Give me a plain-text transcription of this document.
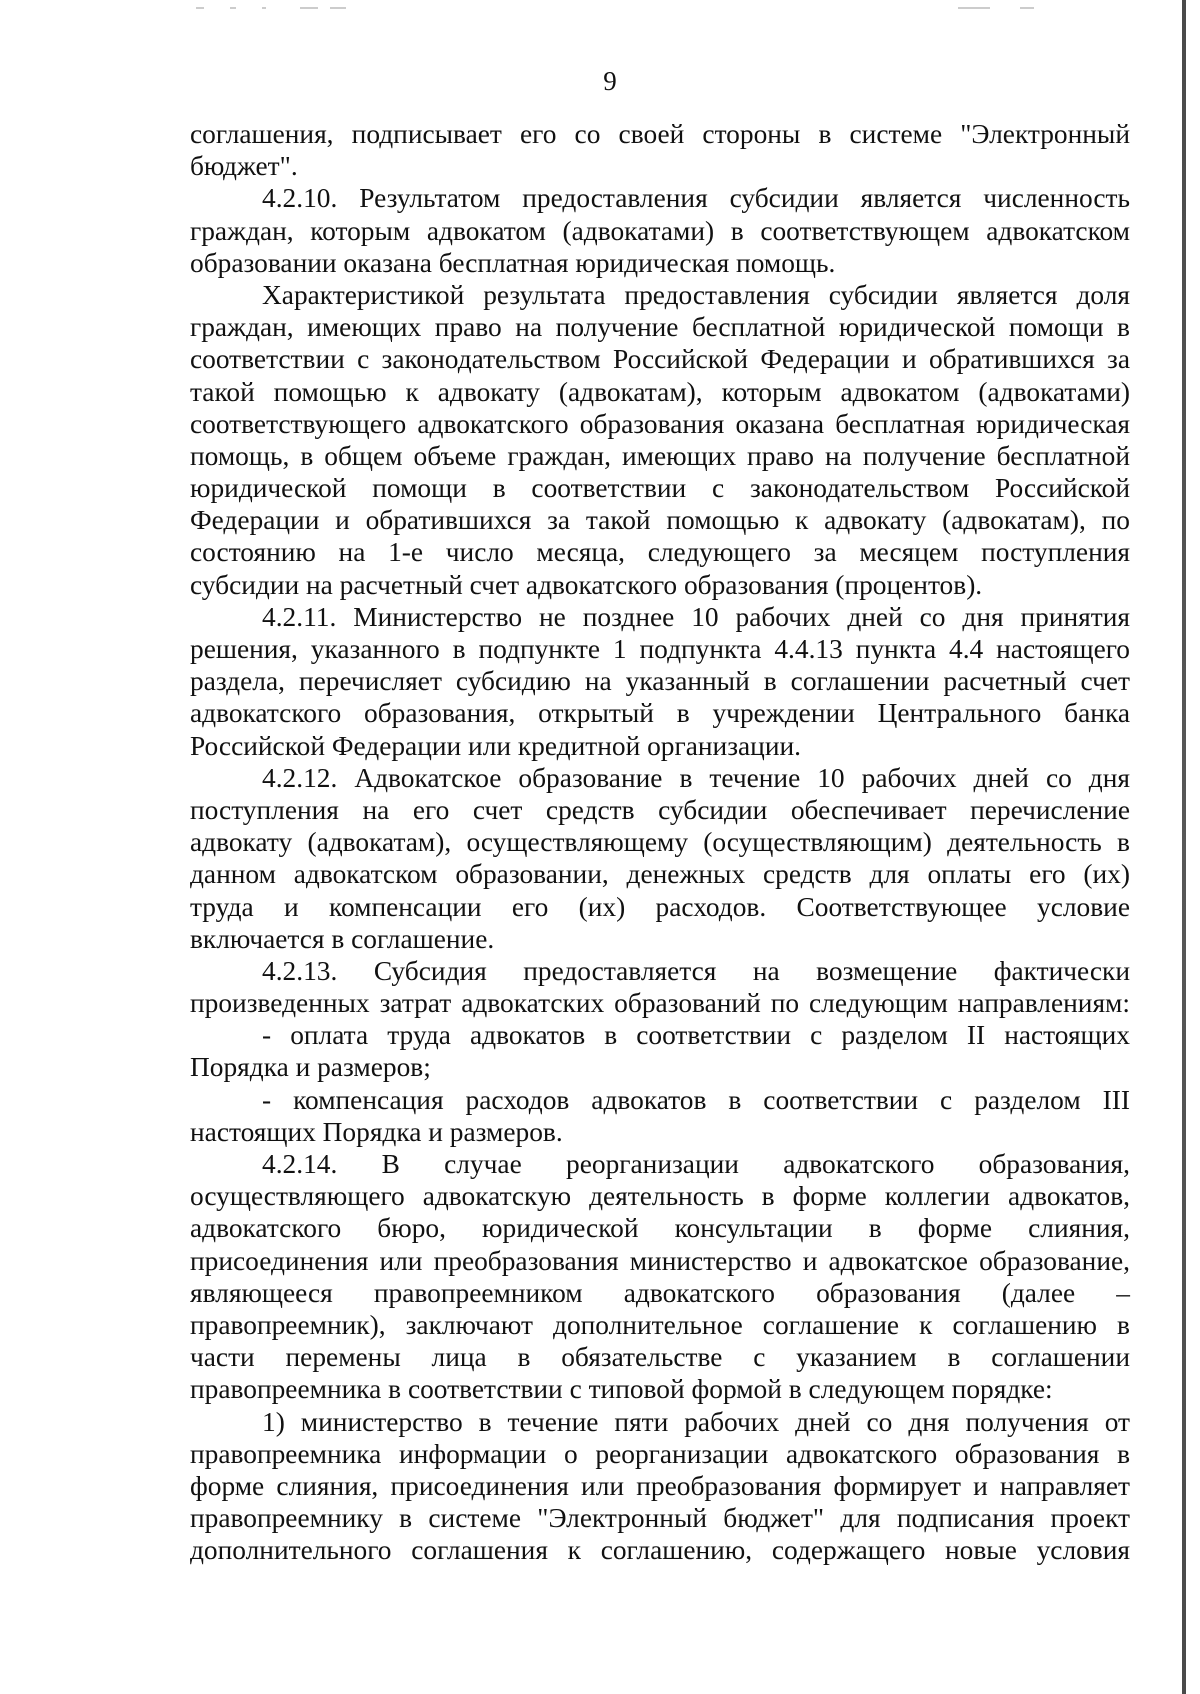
9
соглашения, подписывает его со своей стороны в системе "Электронный
бюджет".
4.2.10. Результатом предоставления субсидии является численность
граждан, которым адвокатом (адвокатами) в соответствующем адвокатском
образовании оказана бесплатная юридическая помощь.
Характеристикой результата предоставления субсидии является доля
граждан, имеющих право на получение бесплатной юридической помощи в
соответствии с законодательством Российской Федерации и обратившихся за
такой помощью к адвокату (адвокатам), которым адвокатом (адвокатами)
соответствующего адвокатского образования оказана бесплатная юридическая
помощь, в общем объеме граждан, имеющих право на получение бесплатной
юридической помощи в соответствии с законодательством Российской
Федерации и обратившихся за такой помощью к адвокату (адвокатам), по
состоянию на 1-е число месяца, следующего за месяцем поступления
субсидии на расчетный счет адвокатского образования (процентов).
4.2.11. Министерство не позднее 10 рабочих дней со дня принятия
решения, указанного в подпункте 1 подпункта 4.4.13 пункта 4.4 настоящего
раздела, перечисляет субсидию на указанный в соглашении расчетный счет
адвокатского образования, открытый в учреждении Центрального банка
Российской Федерации или кредитной организации.
4.2.12. Адвокатское образование в течение 10 рабочих дней со дня
поступления на его счет средств субсидии обеспечивает перечисление
адвокату (адвокатам), осуществляющему (осуществляющим) деятельность в
данном адвокатском образовании, денежных средств для оплаты его (их)
труда и компенсации его (их) расходов. Соответствующее условие
включается в соглашение.
4.2.13. Субсидия предоставляется на возмещение фактически
произведенных затрат адвокатских образований по следующим направлениям:
- оплата труда адвокатов в соответствии с разделом II настоящих
Порядка и размеров;
- компенсация расходов адвокатов в соответствии с разделом III
настоящих Порядка и размеров.
4.2.14. В случае реорганизации адвокатского образования,
осуществляющего адвокатскую деятельность в форме коллегии адвокатов,
адвокатского бюро, юридической консультации в форме слияния,
присоединения или преобразования министерство и адвокатское образование,
являющееся правопреемником адвокатского образования (далее –
правопреемник), заключают дополнительное соглашение к соглашению в
части перемены лица в обязательстве с указанием в соглашении
правопреемника в соответствии с типовой формой в следующем порядке:
1) министерство в течение пяти рабочих дней со дня получения от
правопреемника информации о реорганизации адвокатского образования в
форме слияния, присоединения или преобразования формирует и направляет
правопреемнику в системе "Электронный бюджет" для подписания проект
дополнительного соглашения к соглашению, содержащего новые условия
